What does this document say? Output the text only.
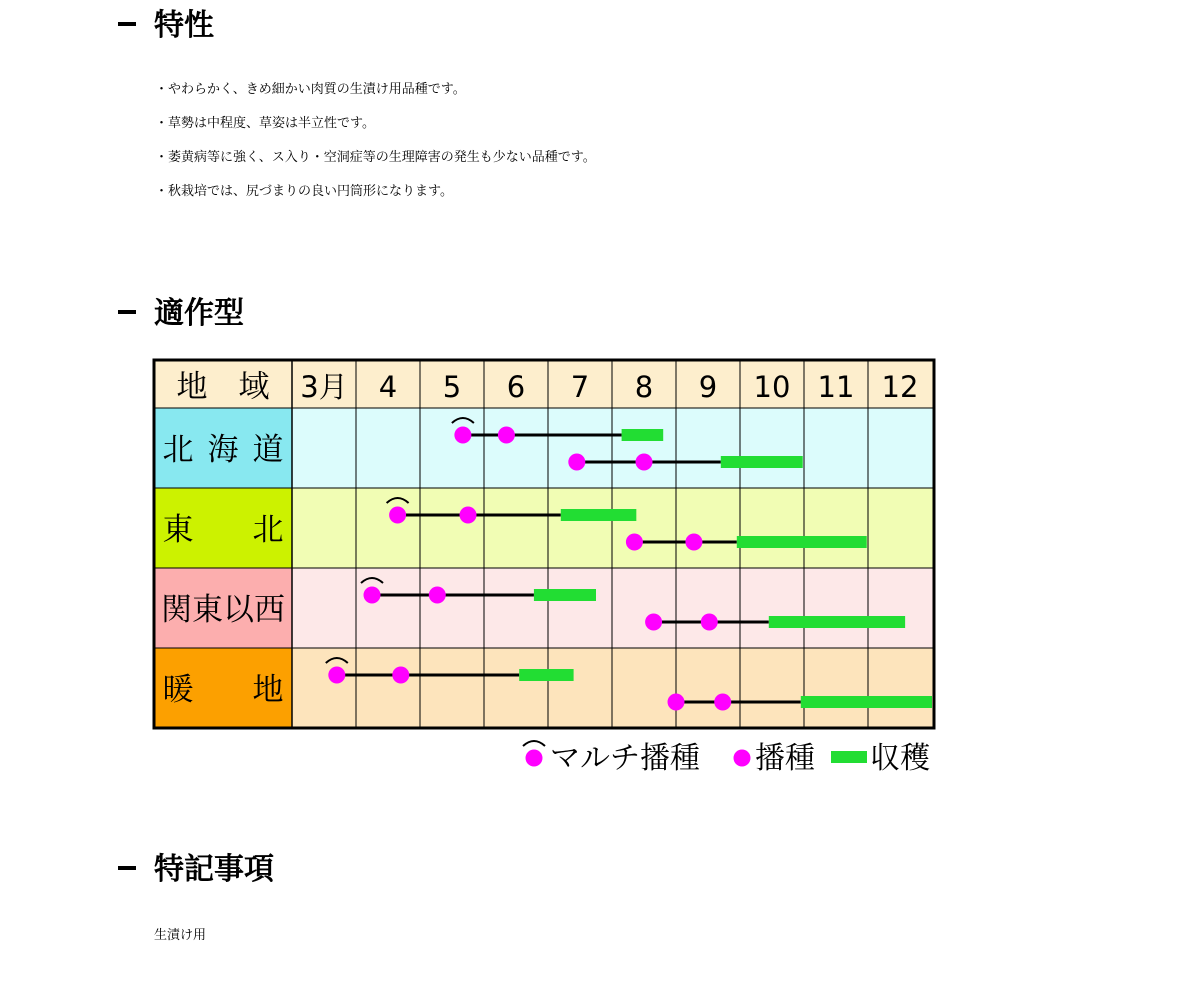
特性
・やわらかく、きめ細かい肉質の生漬け用品種です。
・草勢は中程度、草姿は半立性です。
・萎黄病等に強く、ス入り・空洞症等の生理障害の発生も少ない品種です。
・秋栽培では、尻づまりの良い円筒形になります。
適作型
地　域 3月 4 5 6 7 8 9 10 11 12
北 海 道
東 北
関東以西
暖 地
マルチ播種 播種 収穫
特記事項
生漬け用
